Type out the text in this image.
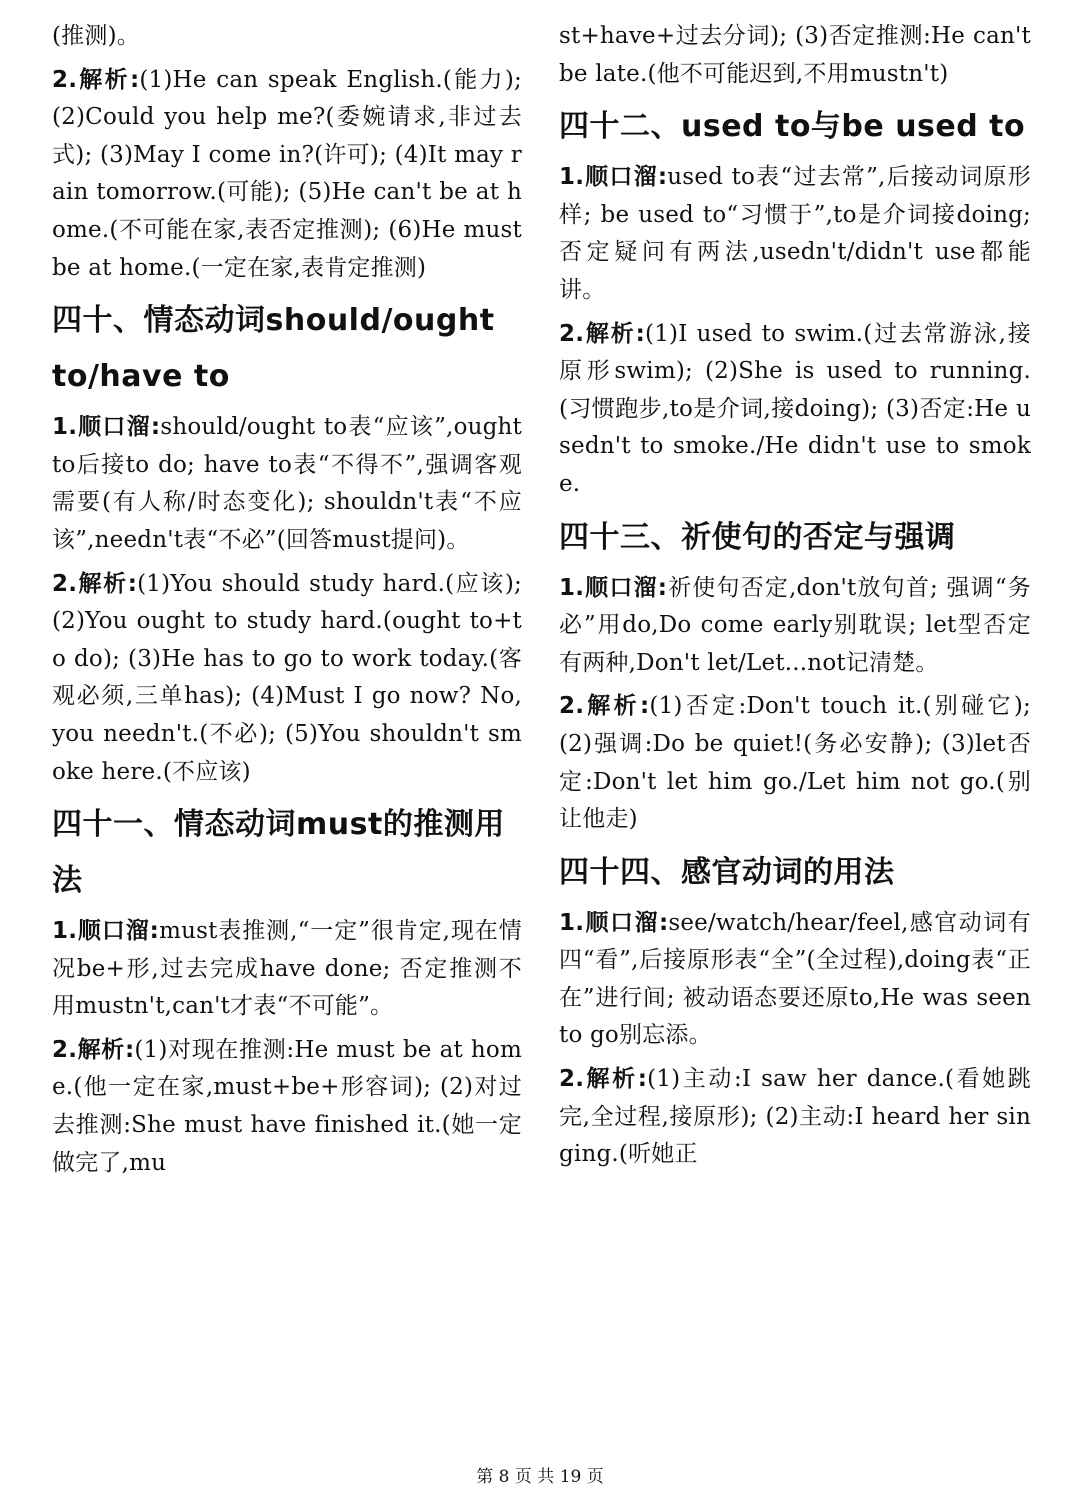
(推测)。

2.解析:(1)He can speak English.(能力); (2)Could you help me?(委婉请求,非过去式); (3)May I come in?(许可); (4)It may rain tomorrow.(可能); (5)He can't be at home.(不可能在家,表否定推测); (6)He must be at home.(一定在家,表肯定推测)

四十、情态动词should/ought to/have to

1.顺口溜:should/ought to表“应该”,ought to后接to do; have to表“不得不”,强调客观需要(有人称/时态变化); shouldn't表“不应该”,needn't表“不必”(回答must提问)。

2.解析:(1)You should study hard.(应该); (2)You ought to study hard.(ought to+to do); (3)He has to go to work today.(客观必须,三单has); (4)Must I go now? No, you needn't.(不必); (5)You shouldn't smoke here.(不应该)

四十一、情态动词must的推测用法

1.顺口溜:must表推测,“一定”很肯定,现在情况be+形,过去完成have done; 否定推测不用mustn't,can't才表“不可能”。

2.解析:(1)对现在推测:He must be at home.(他一定在家,must+be+形容词); (2)对过去推测:She must have finished it.(她一定做完了,mu

st+have+过去分词); (3)否定推测:He can't be late.(他不可能迟到,不用mustn't)

四十二、used to与be used to

1.顺口溜:used to表“过去常”,后接动词原形样; be used to“习惯于”,to是介词接doing; 否定疑问有两法,usedn't/didn't use都能讲。

2.解析:(1)I used to swim.(过去常游泳,接原形swim); (2)She is used to running.(习惯跑步,to是介词,接doing); (3)否定:He usedn't to smoke./He didn't use to smoke.

四十三、祈使句的否定与强调

1.顺口溜:祈使句否定,don't放句首; 强调“务必”用do,Do come early别耽误; let型否定有两种,Don't let/Let...not记清楚。

2.解析:(1)否定:Don't touch it.(别碰它); (2)强调:Do be quiet!(务必安静); (3)let否定:Don't let him go./Let him not go.(别让他走)

四十四、感官动词的用法

1.顺口溜:see/watch/hear/feel,感官动词有四“看”,后接原形表“全”(全过程),doing表“正在”进行间; 被动语态要还原to,He was seen to go别忘添。

2.解析:(1)主动:I saw her dance.(看她跳完,全过程,接原形); (2)主动:I heard her singing.(听她正

第 8 页 共 19 页
